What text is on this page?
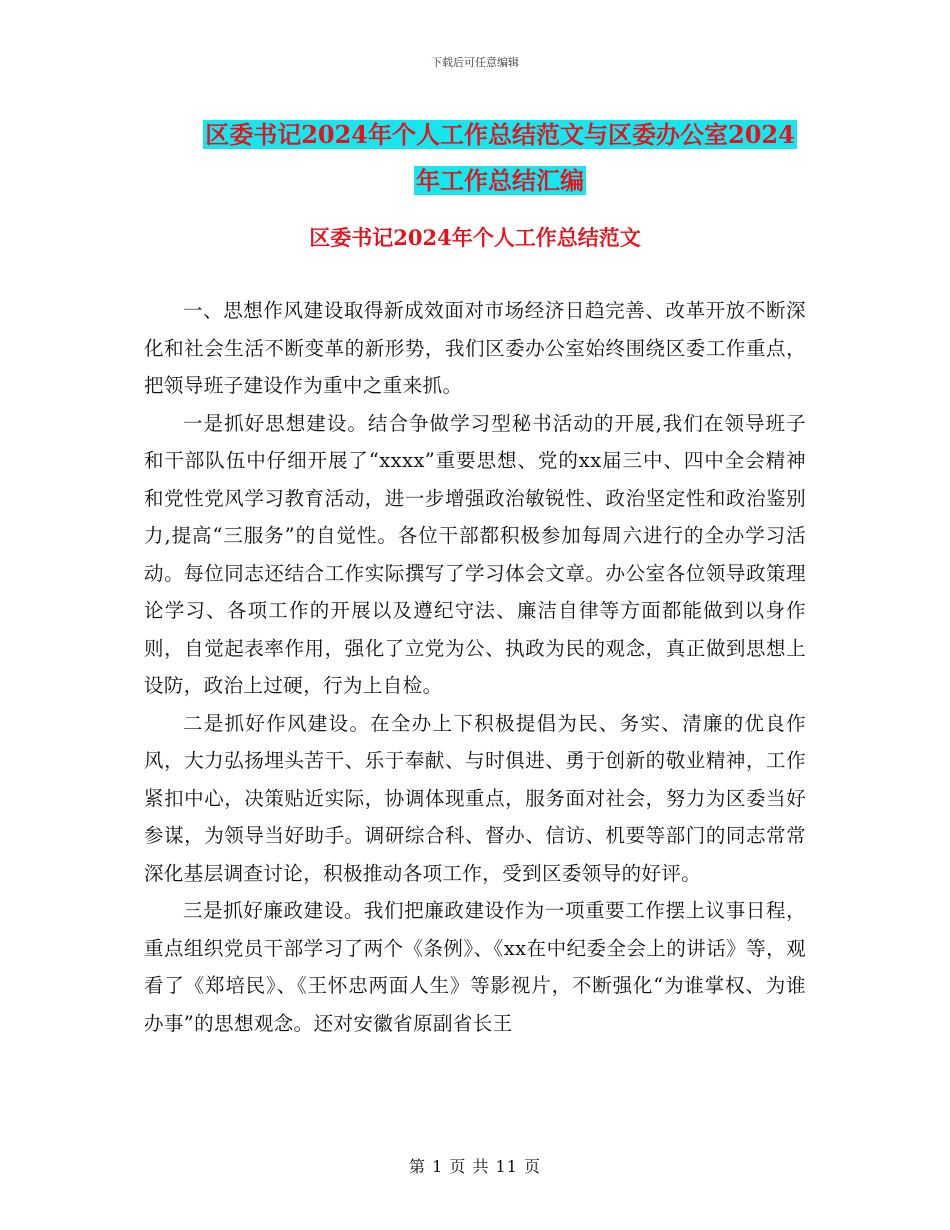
下载后可任意编辑
区委书记2024年个人工作总结范文与区委办公室2024
年工作总结汇编
区委书记2024年个人工作总结范文

一、思想作风建设取得新成效面对市场经济日趋完善、改革开放不断深化和社会生活不断变革的新形势，我们区委办公室始终围绕区委工作重点，把领导班子建设作为重中之重来抓。

一是抓好思想建设。结合争做学习型秘书活动的开展,我们在领导班子和干部队伍中仔细开展了“xxxx”重要思想、党的xx届三中、四中全会精神和党性党风学习教育活动，进一步增强政治敏锐性、政治坚定性和政治鉴别力,提高“三服务”的自觉性。各位干部都积极参加每周六进行的全办学习活动。每位同志还结合工作实际撰写了学习体会文章。办公室各位领导政策理论学习、各项工作的开展以及遵纪守法、廉洁自律等方面都能做到以身作则，自觉起表率作用，强化了立党为公、执政为民的观念，真正做到思想上设防，政治上过硬，行为上自检。

二是抓好作风建设。在全办上下积极提倡为民、务实、清廉的优良作风，大力弘扬埋头苦干、乐于奉献、与时俱进、勇于创新的敬业精神，工作紧扣中心，决策贴近实际，协调体现重点，服务面对社会，努力为区委当好参谋，为领导当好助手。调研综合科、督办、信访、机要等部门的同志常常深化基层调查讨论，积极推动各项工作，受到区委领导的好评。

三是抓好廉政建设。我们把廉政建设作为一项重要工作摆上议事日程，重点组织党员干部学习了两个《条例》、《xx在中纪委全会上的讲话》等，观看了《郑培民》、《王怀忠两面人生》等影视片，不断强化“为谁掌权、为谁办事”的思想观念。还对安徽省原副省长王

第 1 页 共 11 页
